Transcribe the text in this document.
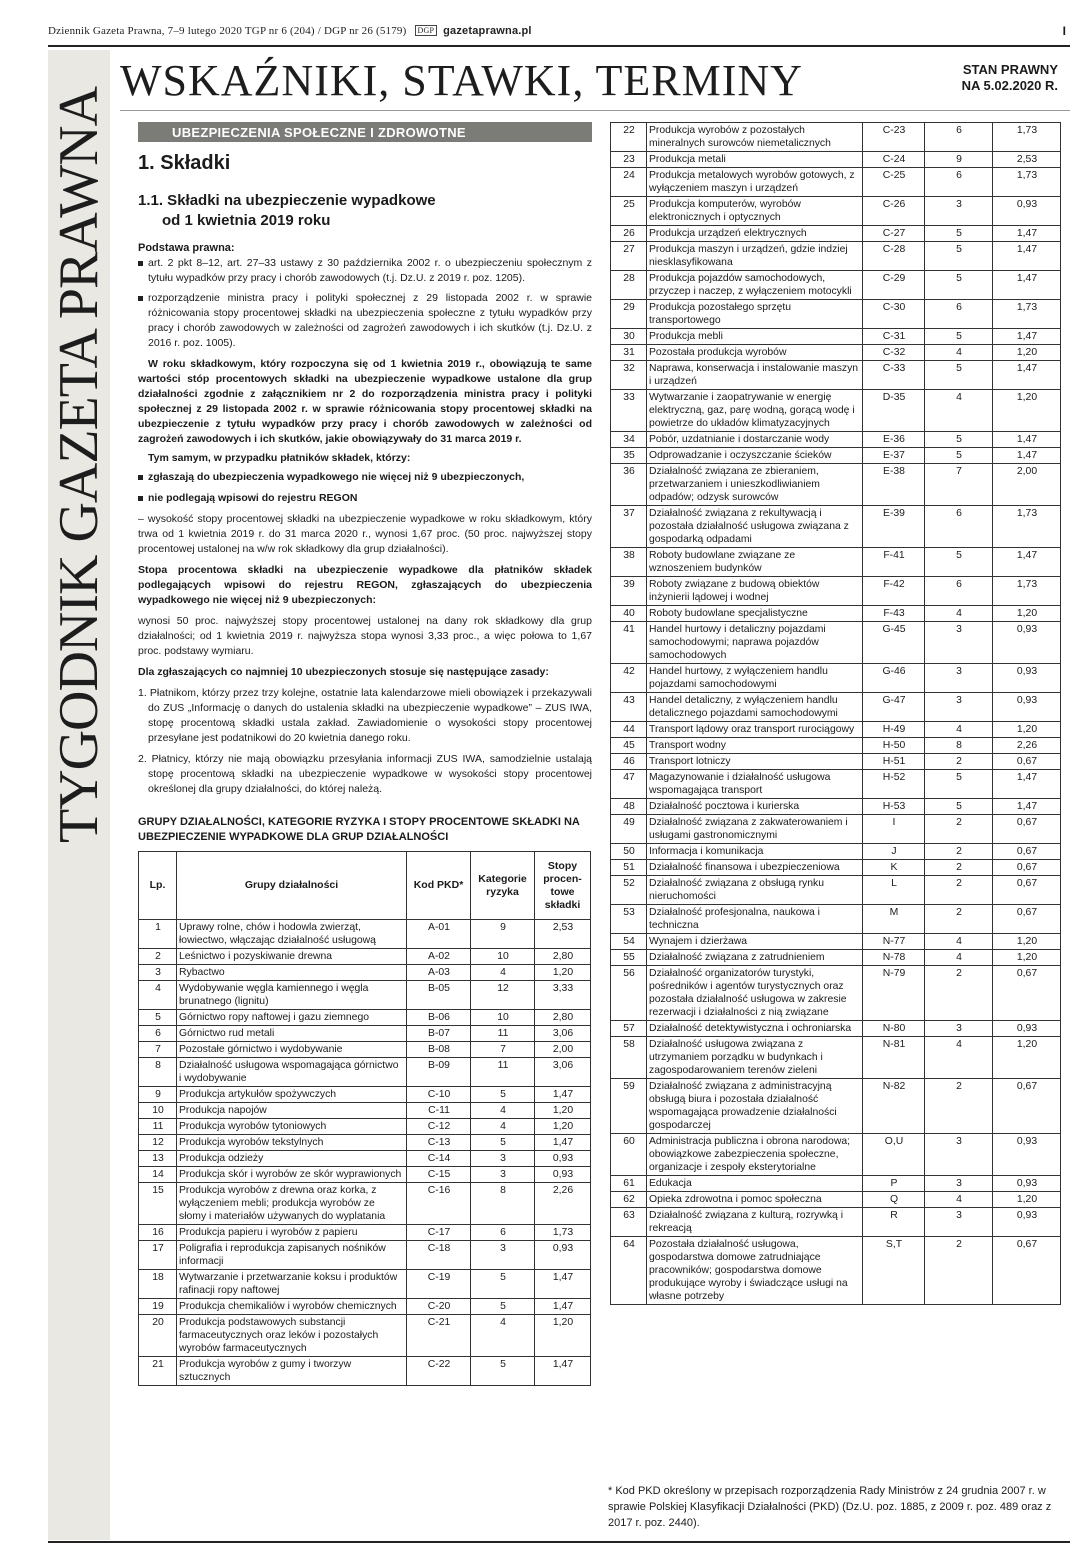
Dziennik Gazeta Prawna, 7–9 lutego 2020 TGP nr 6 (204) / DGP nr 26 (5179) DGP gazetaprawna.pl	I
TYGODNIK GAZETA PRAWNA
WSKAŹNIKI, STAWKI, TERMINY	STAN PRAWNY
NA 5.02.2020 R.
UBEZPIECZENIA SPOŁECZNE I ZDROWOTNE
1. Składki
1.1. Składki na ubezpieczenie wypadkowe
od 1 kwietnia 2019 roku
Podstawa prawna:
art. 2 pkt 8–12, art. 27–33 ustawy z 30 października 2002 r. o ubezpieczeniu społecznym z tytułu wypadków przy pracy i chorób zawodowych (t.j. Dz.U. z 2019 r. poz. 1205).
rozporządzenie ministra pracy i polityki społecznej z 29 listopada 2002 r. w sprawie różnicowania stopy procentowej składki na ubezpieczenia społeczne z tytułu wypadków przy pracy i chorób zawodowych w zależności od zagrożeń zawodowych i ich skutków (t.j. Dz.U. z 2016 r. poz. 1005).
W roku składkowym, który rozpoczyna się od 1 kwietnia 2019 r., obowiązują te same wartości stóp procentowych składki na ubezpieczenie wypadkowe ustalone dla grup działalności zgodnie z załącznikiem nr 2 do rozporządzenia ministra pracy i polityki społecznej z 29 listopada 2002 r. w sprawie różnicowania stopy procentowej składki na ubezpieczenie z tytułu wypadków przy pracy i chorób zawodowych w zależności od zagrożeń zawodowych i ich skutków, jakie obowiązywały do 31 marca 2019 r.
Tym samym, w przypadku płatników składek, którzy:
zgłaszają do ubezpieczenia wypadkowego nie więcej niż 9 ubezpieczonych,
nie podlegają wpisowi do rejestru REGON
– wysokość stopy procentowej składki na ubezpieczenie wypadkowe w roku składkowym, który trwa od 1 kwietnia 2019 r. do 31 marca 2020 r., wynosi 1,67 proc. (50 proc. najwyższej stopy procentowej ustalonej na w/w rok składkowy dla grup działalności).
Stopa procentowa składki na ubezpieczenie wypadkowe dla płatników składek podlegających wpisowi do rejestru REGON, zgłaszających do ubezpieczenia wypadkowego nie więcej niż 9 ubezpieczonych:
wynosi 50 proc. najwyższej stopy procentowej ustalonej na dany rok składkowy dla grup działalności; od 1 kwietnia 2019 r. najwyższa stopa wynosi 3,33 proc., a więc połowa to 1,67 proc. podstawy wymiaru.
Dla zgłaszających co najmniej 10 ubezpieczonych stosuje się następujące zasady:
1. Płatnikom, którzy przez trzy kolejne, ostatnie lata kalendarzowe mieli obowiązek i przekazywali do ZUS „Informację o danych do ustalenia składki na ubezpieczenie wypadkowe” – ZUS IWA, stopę procentową składki ustala zakład. Zawiadomienie o wysokości stopy procentowej przesyłane jest podatnikowi do 20 kwietnia danego roku.
2. Płatnicy, którzy nie mają obowiązku przesyłania informacji ZUS IWA, samodzielnie ustalają stopę procentową składki na ubezpieczenie wypadkowe w wysokości stopy procentowej określonej dla grupy działalności, do której należą.
GRUPY DZIAŁALNOŚCI, KATEGORIE RYZYKA I STOPY PROCENTOWE SKŁADKI NA UBEZPIECZENIE WYPADKOWE DLA GRUP DZIAŁALNOŚCI
Lp.	Grupy działalności	Kod PKD*	Kategorie ryzyka	Stopy procentowe składki
1	Uprawy rolne, chów i hodowla zwierząt, łowiectwo, włączając działalność usługową	A-01	9	2,53
2	Leśnictwo i pozyskiwanie drewna	A-02	10	2,80
3	Rybactwo	A-03	4	1,20
4	Wydobywanie węgla kamiennego i węgla brunatnego (lignitu)	B-05	12	3,33
5	Górnictwo ropy naftowej i gazu ziemnego	B-06	10	2,80
6	Górnictwo rud metali	B-07	11	3,06
7	Pozostałe górnictwo i wydobywanie	B-08	7	2,00
8	Działalność usługowa wspomagająca górnictwo i wydobywanie	B-09	11	3,06
9	Produkcja artykułów spożywczych	C-10	5	1,47
10	Produkcja napojów	C-11	4	1,20
11	Produkcja wyrobów tytoniowych	C-12	4	1,20
12	Produkcja wyrobów tekstylnych	C-13	5	1,47
13	Produkcja odzieży	C-14	3	0,93
14	Produkcja skór i wyrobów ze skór wyprawionych	C-15	3	0,93
15	Produkcja wyrobów z drewna oraz korka, z wyłączeniem mebli; produkcja wyrobów ze słomy i materiałów używanych do wyplatania	C-16	8	2,26
16	Produkcja papieru i wyrobów z papieru	C-17	6	1,73
17	Poligrafia i reprodukcja zapisanych nośników informacji	C-18	3	0,93
18	Wytwarzanie i przetwarzanie koksu i produktów rafinacji ropy naftowej	C-19	5	1,47
19	Produkcja chemikaliów i wyrobów chemicznych	C-20	5	1,47
20	Produkcja podstawowych substancji farmaceutycznych oraz leków i pozostałych wyrobów farmaceutycznych	C-21	4	1,20
21	Produkcja wyrobów z gumy i tworzyw sztucznych	C-22	5	1,47
22	Produkcja wyrobów z pozostałych mineralnych surowców niemetalicznych	C-23	6	1,73
23	Produkcja metali	C-24	9	2,53
24	Produkcja metalowych wyrobów gotowych, z wyłączeniem maszyn i urządzeń	C-25	6	1,73
25	Produkcja komputerów, wyrobów elektronicznych i optycznych	C-26	3	0,93
26	Produkcja urządzeń elektrycznych	C-27	5	1,47
27	Produkcja maszyn i urządzeń, gdzie indziej niesklasyfikowana	C-28	5	1,47
28	Produkcja pojazdów samochodowych, przyczep i naczep, z wyłączeniem motocykli	C-29	5	1,47
29	Produkcja pozostałego sprzętu transportowego	C-30	6	1,73
30	Produkcja mebli	C-31	5	1,47
31	Pozostała produkcja wyrobów	C-32	4	1,20
32	Naprawa, konserwacja i instalowanie maszyn i urządzeń	C-33	5	1,47
33	Wytwarzanie i zaopatrywanie w energię elektryczną, gaz, parę wodną, gorącą wodę i powietrze do układów klimatyzacyjnych	D-35	4	1,20
34	Pobór, uzdatnianie i dostarczanie wody	E-36	5	1,47
35	Odprowadzanie i oczyszczanie ścieków	E-37	5	1,47
36	Działalność związana ze zbieraniem, przetwarzaniem i unieszkodliwianiem odpadów; odzysk surowców	E-38	7	2,00
37	Działalność związana z rekultywacją i pozostała działalność usługowa związana z gospodarką odpadami	E-39	6	1,73
38	Roboty budowlane związane ze wznoszeniem budynków	F-41	5	1,47
39	Roboty związane z budową obiektów inżynierii lądowej i wodnej	F-42	6	1,73
40	Roboty budowlane specjalistyczne	F-43	4	1,20
41	Handel hurtowy i detaliczny pojazdami samochodowymi; naprawa pojazdów samochodowych	G-45	3	0,93
42	Handel hurtowy, z wyłączeniem handlu pojazdami samochodowymi	G-46	3	0,93
43	Handel detaliczny, z wyłączeniem handlu detalicznego pojazdami samochodowymi	G-47	3	0,93
44	Transport lądowy oraz transport rurociągowy	H-49	4	1,20
45	Transport wodny	H-50	8	2,26
46	Transport lotniczy	H-51	2	0,67
47	Magazynowanie i działalność usługowa wspomagająca transport	H-52	5	1,47
48	Działalność pocztowa i kurierska	H-53	5	1,47
49	Działalność związana z zakwaterowaniem i usługami gastronomicznymi	I	2	0,67
50	Informacja i komunikacja	J	2	0,67
51	Działalność finansowa i ubezpieczeniowa	K	2	0,67
52	Działalność związana z obsługą rynku nieruchomości	L	2	0,67
53	Działalność profesjonalna, naukowa i techniczna	M	2	0,67
54	Wynajem i dzierżawa	N-77	4	1,20
55	Działalność związana z zatrudnieniem	N-78	4	1,20
56	Działalność organizatorów turystyki, pośredników i agentów turystycznych oraz pozostała działalność usługowa w zakresie rezerwacji i działalności z nią związane	N-79	2	0,67
57	Działalność detektywistyczna i ochroniarska	N-80	3	0,93
58	Działalność usługowa związana z utrzymaniem porządku w budynkach i zagospodarowaniem terenów zieleni	N-81	4	1,20
59	Działalność związana z administracyjną obsługą biura i pozostała działalność wspomagająca prowadzenie działalności gospodarczej	N-82	2	0,67
60	Administracja publiczna i obrona narodowa; obowiązkowe zabezpieczenia społeczne, organizacje i zespoły eksterytorialne	O,U	3	0,93
61	Edukacja	P	3	0,93
62	Opieka zdrowotna i pomoc społeczna	Q	4	1,20
63	Działalność związana z kulturą, rozrywką i rekreacją	R	3	0,93
64	Pozostała działalność usługowa, gospodarstwa domowe zatrudniające pracowników; gospodarstwa domowe produkujące wyroby i świadczące usługi na własne potrzeby	S,T	2	0,67
* Kod PKD określony w przepisach rozporządzenia Rady Ministrów z 24 grudnia 2007 r. w sprawie Polskiej Klasyfikacji Działalności (PKD) (Dz.U. poz. 1885, z 2009 r. poz. 489 oraz z 2017 r. poz. 2440).
